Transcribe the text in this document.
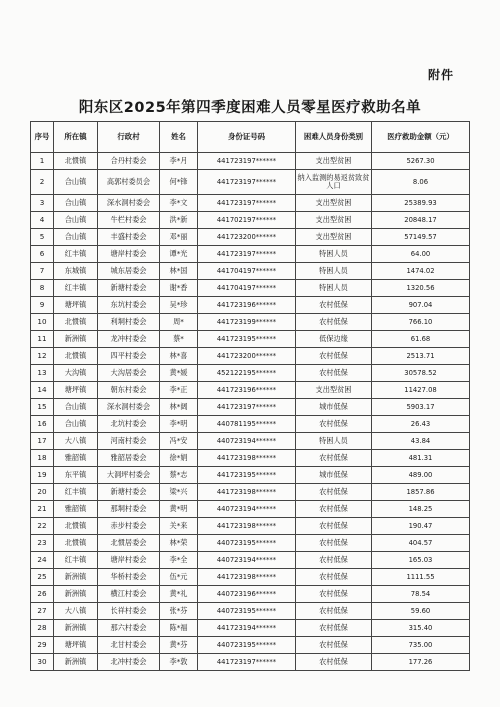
附件
阳东区2025年第四季度困难人员零星医疗救助名单
序号	所在镇	行政村	姓名	身份证号码	困难人员身份类别	医疗救助金额（元）
1	北惯镇	合丹村委会	李*月	441723197******	支出型贫困	5267.30
2	合山镇	高郭村委员会	何*锋	441723197******	纳入监测的易返贫致贫人口	8.06
3	合山镇	深水洞村委会	李*文	441723197******	支出型贫困	25389.93
4	合山镇	牛栏村委会	洪*新	441702197******	支出型贫困	20848.17
5	合山镇	丰盛村委会	邓*丽	441723200******	支出型贫困	57149.57
6	红丰镇	塘岸村委会	谭*光	441723197******	特困人员	64.00
7	东城镇	城东居委会	林*国	441704197******	特困人员	1474.02
8	红丰镇	新塘村委会	谢*香	441704197******	特困人员	1320.56
9	塘坪镇	东坑村委会	吴*珍	441723196******	农村低保	907.04
10	北惯镇	利垌村委会	周*	441723199******	农村低保	766.10
11	新洲镇	龙冲村委会	蔡*	441723195******	低保边缘	61.68
12	北惯镇	四平村委会	林*喜	441723200******	农村低保	2513.71
13	大沟镇	大沟居委会	黄*媛	452122195******	农村低保	30578.52
14	塘坪镇	朝东村委会	李*正	441723196******	支出型贫困	11427.08
15	合山镇	深水洞村委会	林*阔	441723197******	城市低保	5903.17
16	合山镇	北坑村委会	李*明	440781195******	农村低保	26.43
17	大八镇	河南村委会	冯*安	440723194******	特困人员	43.84
18	雅韶镇	雅韶居委会	徐*娟	441723198******	农村低保	481.31
19	东平镇	大洞坪村委会	蔡*志	441723195******	城市低保	489.00
20	红丰镇	新塘村委会	梁*兴	441723198******	农村低保	1857.86
21	雅韶镇	那垌村委会	黄*明	440723194******	农村低保	148.25
22	北惯镇	赤步村委会	关*来	441723198******	农村低保	190.47
23	北惯镇	北惯居委会	林*荣	440723195******	农村低保	404.57
24	红丰镇	塘岸村委会	李*全	440723194******	农村低保	165.03
25	新洲镇	华桥村委会	伍*元	441723198******	农村低保	1111.55
26	新洲镇	横江村委会	黄*礼	440723196******	农村低保	78.54
27	大八镇	长祥村委会	张*芬	440723195******	农村低保	59.60
28	新洲镇	那六村委会	陈*福	441723194******	农村低保	315.40
29	塘坪镇	北甘村委会	黄*芬	440723195******	农村低保	735.00
30	新洲镇	北冲村委会	李*敦	441723197******	农村低保	177.26
